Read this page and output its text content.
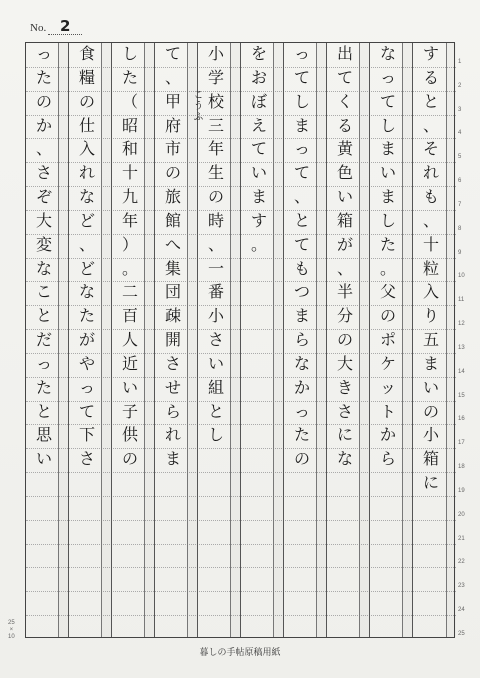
No. 2
す
る
と
、
そ
れ
も
、
十
粒
入
り
五
ま
い
の
小
箱
に
な
っ
て
し
ま
い
ま
し
た
。
父
の
ポ
ケ
ッ
ト
か
ら
出
て
く
る
黄
色
い
箱
が
、
半
分
の
大
き
さ
に
な
っ
て
し
ま
っ
て
、
と
て
も
つ
ま
ら
な
か
っ
た
の
を
お
ぼ
え
て
い
ま
す
。
小
学
校
三
年
生
の
時
、
一
番
小
さ
い
組
と
し
て
、
甲
府
市
の
旅
館
へ
集
団
疎
開
さ
せ
ら
れ
ま
し
た
（
昭
和
十
九
年
）
。
二
百
人
近
い
子
供
の
食
糧
の
仕
入
れ
な
ど
、
ど
な
た
が
や
っ
て
下
さ
っ
た
の
か
、
さ
ぞ
大
変
な
こ
と
だ
っ
た
と
思
い
こうふ
1
2
3
4
5
6
7
8
9
10
11
12
13
14
15
16
17
18
19
20
21
22
23
24
25
25
×
10
暮しの手帖原稿用紙
